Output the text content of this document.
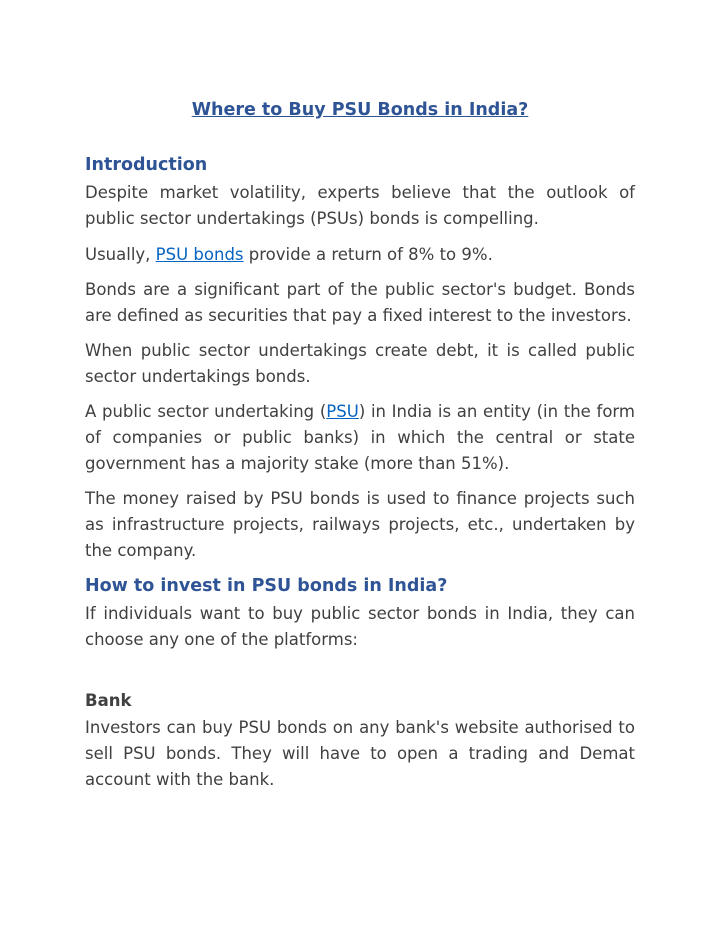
Where to Buy PSU Bonds in India?
Introduction

Despite market volatility, experts believe that the outlook of public sector undertakings (PSUs) bonds is compelling.

Usually, PSU bonds provide a return of 8% to 9%.

Bonds are a significant part of the public sector's budget. Bonds are defined as securities that pay a fixed interest to the investors.

When public sector undertakings create debt, it is called public sector undertakings bonds.

A public sector undertaking (PSU) in India is an entity (in the form of companies or public banks) in which the central or state government has a majority stake (more than 51%).

The money raised by PSU bonds is used to finance projects such as infrastructure projects, railways projects, etc., undertaken by the company.

How to invest in PSU bonds in India?

If individuals want to buy public sector bonds in India, they can choose any one of the platforms:

Bank

Investors can buy PSU bonds on any bank's website authorised to sell PSU bonds. They will have to open a trading and Demat account with the bank.
